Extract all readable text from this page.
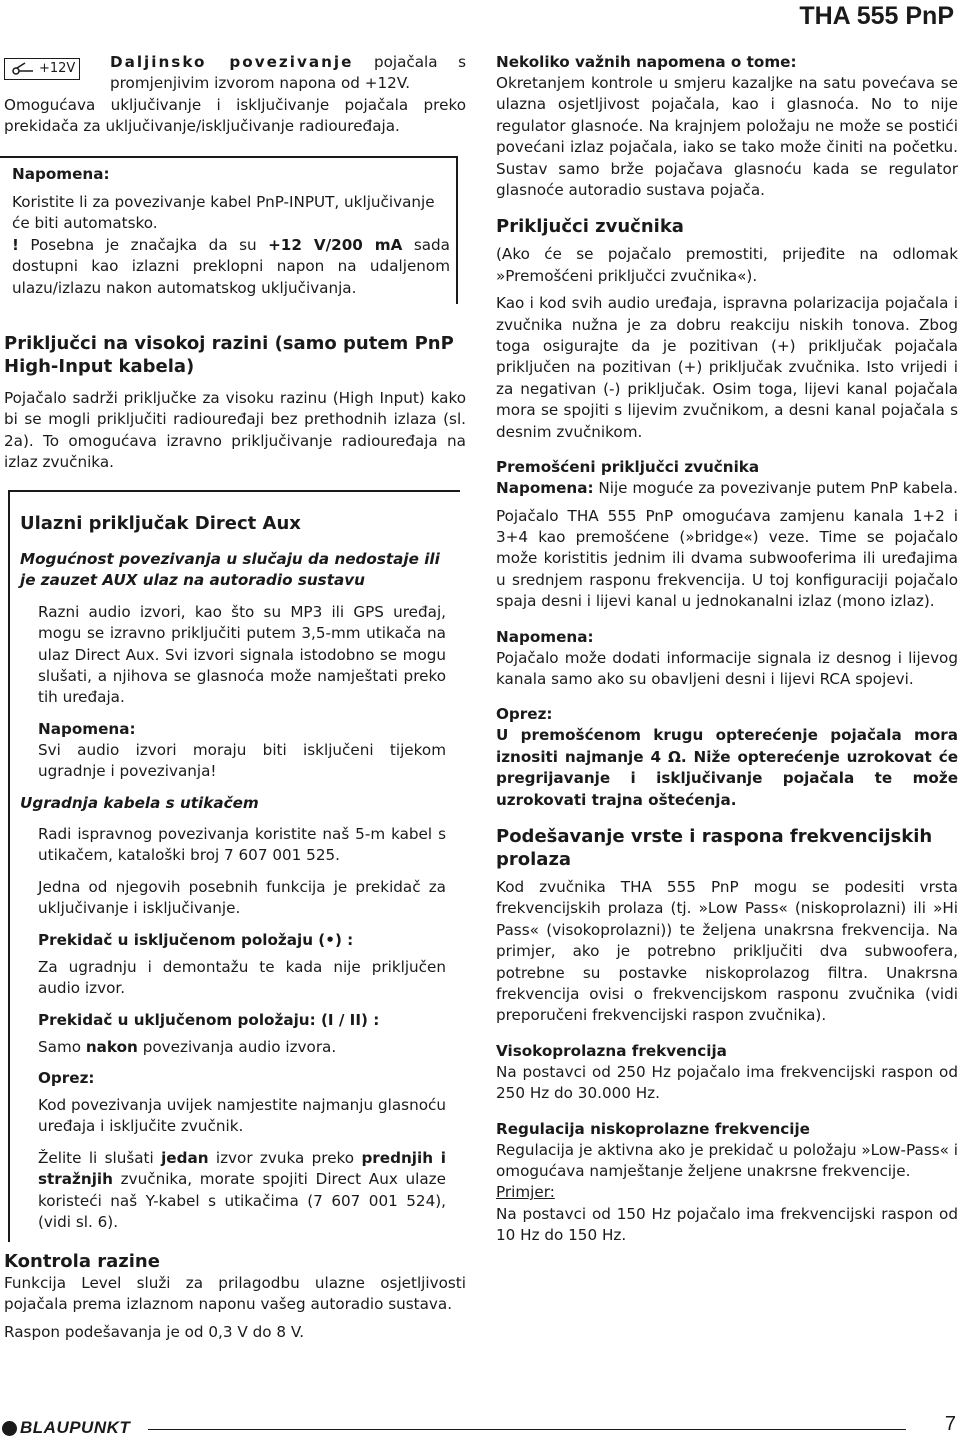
THA 555 PnP
+12V Daljinsko povezivanje pojačala s promjenjivim izvorom napona od +12V.

Omogućava uključivanje i isključivanje pojačala preko prekidača za uključivanje/isključivanje radiouređaja.

Napomena:

Koristite li za povezivanje kabel PnP-INPUT, uključivanje će biti automatsko.

! Posebna je značajka da su +12 V/200 mA sada dostupni kao izlazni preklopni napon na udaljenom ulazu/izlazu nakon automatskog uključivanja.

Priključci na visokoj razini (samo putem PnP High-Input kabela)

Pojačalo sadrži priključke za visoku razinu (High Input) kako bi se mogli priključiti radiouređaji bez prethodnih izlaza (sl. 2a). To omogućava izravno priključivanje radiouređaja na izlaz zvučnika.

Ulazni priključak Direct Aux

Mogućnost povezivanja u slučaju da nedostaje ili je zauzet AUX ulaz na autoradio sustavu

Razni audio izvori, kao što su MP3 ili GPS uređaj, mogu se izravno priključiti putem 3,5-mm utikača na ulaz Direct Aux. Svi izvori signala istodobno se mogu slušati, a njihova se glasnoća može namještati preko tih uređaja.

Napomena:

Svi audio izvori moraju biti isključeni tijekom ugradnje i povezivanja!

Ugradnja kabela s utikačem

Radi ispravnog povezivanja koristite naš 5-m kabel s utikačem, kataloški broj 7 607 001 525.

Jedna od njegovih posebnih funkcija je prekidač za uključivanje i isključivanje.

Prekidač u isključenom položaju (•) :

Za ugradnju i demontažu te kada nije priključen audio izvor.

Prekidač u uključenom položaju: (I / II) :

Samo nakon povezivanja audio izvora.

Oprez:

Kod povezivanja uvijek namjestite najmanju glasnoću uređaja i isključite zvučnik.

Želite li slušati jedan izvor zvuka preko prednjih i stražnjih zvučnika, morate spojiti Direct Aux ulaze koristeći naš Y-kabel s utikačima (7 607 001 524), (vidi sl. 6).

Kontrola razine

Funkcija Level služi za prilagodbu ulazne osjetljivosti pojačala prema izlaznom naponu vašeg autoradio sustava.

Raspon podešavanja je od 0,3 V do 8 V.

Nekoliko važnih napomena o tome:

Okretanjem kontrole u smjeru kazaljke na satu povećava se ulazna osjetljivost pojačala, kao i glasnoća. No to nije regulator glasnoće. Na krajnjem položaju ne može se postići povećani izlaz pojačala, iako se tako može činiti na početku. Sustav samo brže pojačava glasnoću kada se regulator glasnoće autoradio sustava pojača.

Priključci zvučnika

(Ako će se pojačalo premostiti, prijeđite na odlomak »Premošćeni priključci zvučnika«).

Kao i kod svih audio uređaja, ispravna polarizacija pojačala i zvučnika nužna je za dobru reakciju niskih tonova. Zbog toga osigurajte da je pozitivan (+) priključak pojačala priključen na pozitivan (+) priključak zvučnika. Isto vrijedi i za negativan (-) priključak. Osim toga, lijevi kanal pojačala mora se spojiti s lijevim zvučnikom, a desni kanal pojačala s desnim zvučnikom.

Premošćeni priključci zvučnika

Napomena: Nije moguće za povezivanje putem PnP kabela.

Pojačalo THA 555 PnP omogućava zamjenu kanala 1+2 i 3+4 kao premošćene (»bridge«) veze. Time se pojačalo može koristitis jednim ili dvama subwooferima ili uređajima u srednjem rasponu frekvencija. U toj konfiguraciji pojačalo spaja desni i lijevi kanal u jednokanalni izlaz (mono izlaz).

Napomena:

Pojačalo može dodati informacije signala iz desnog i lijevog kanala samo ako su obavljeni desni i lijevi RCA spojevi.

Oprez:

U premošćenom krugu opterećenje pojačala mora iznositi najmanje 4 Ω. Niže opterećenje uzrokovat će pregrijavanje i isključivanje pojačala te može uzrokovati trajna oštećenja.

Podešavanje vrste i raspona frekvencijskih prolaza

Kod zvučnika THA 555 PnP mogu se podesiti vrsta frekvencijskih prolaza (tj. »Low Pass« (niskoprolazni) ili »Hi Pass« (visokoprolazni)) te željena unakrsna frekvencija. Na primjer, ako je potrebno priključiti dva subwoofera, potrebne su postavke niskoprolazog filtra. Unakrsna frekvencija ovisi o frekvencijskom rasponu zvučnika (vidi preporučeni frekvencijski raspon zvučnika).

Visokoprolazna frekvencija

Na postavci od 250 Hz pojačalo ima frekvencijski raspon od 250 Hz do 30.000 Hz.

Regulacija niskoprolazne frekvencije

Regulacija je aktivna ako je prekidač u položaju »Low-Pass« i omogućava namještanje željene unakrsne frekvencije.

Primjer:

Na postavci od 150 Hz pojačalo ima frekvencijski raspon od 10 Hz do 150 Hz.

BLAUPUNKT	7
